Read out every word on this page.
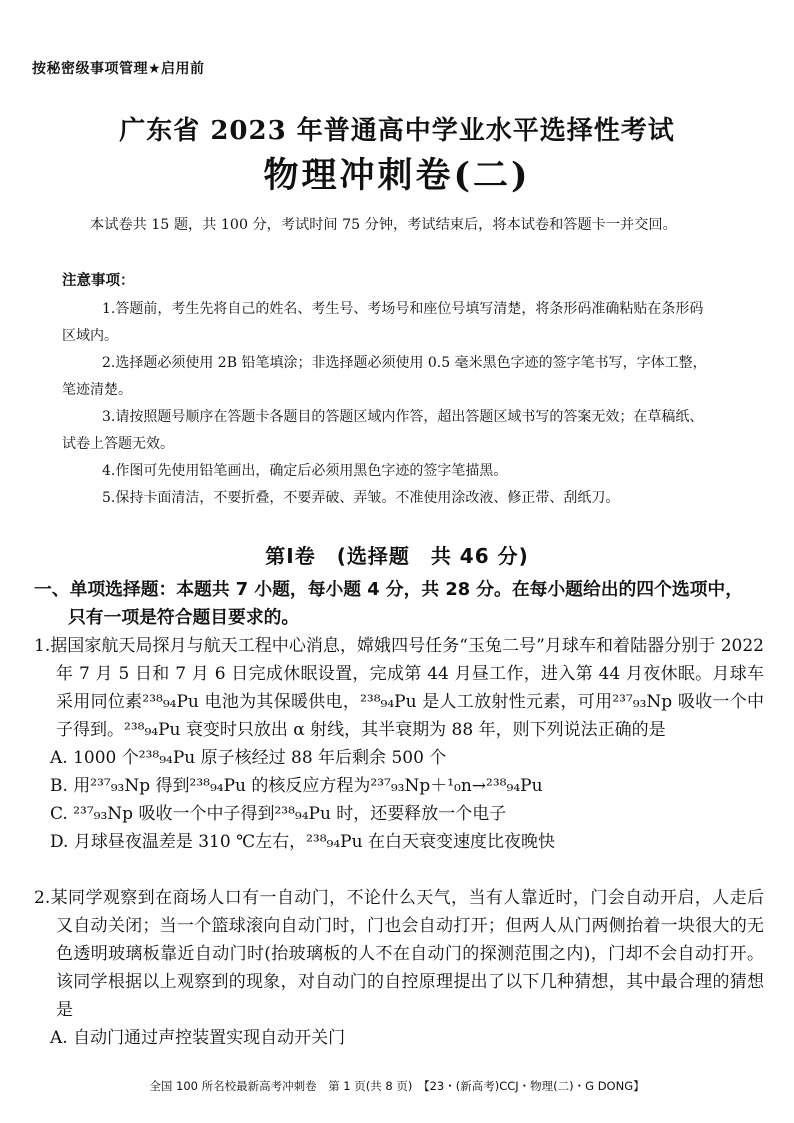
按秘密级事项管理★启用前
广东省 2023 年普通高中学业水平选择性考试
物理冲刺卷(二)
本试卷共 15 题，共 100 分，考试时间 75 分钟，考试结束后，将本试卷和答题卡一并交回。
注意事项：

1.答题前，考生先将自己的姓名、考生号、考场号和座位号填写清楚，将条形码准确粘贴在条形码区域内。

2.选择题必须使用 2B 铅笔填涂；非选择题必须使用 0.5 毫米黑色字迹的签字笔书写，字体工整，笔迹清楚。

3.请按照题号顺序在答题卡各题目的答题区域内作答，超出答题区域书写的答案无效；在草稿纸、试卷上答题无效。

4.作图可先使用铅笔画出，确定后必须用黑色字迹的签字笔描黑。

5.保持卡面清洁，不要折叠，不要弄破、弄皱。不准使用涂改液、修正带、刮纸刀。

第Ⅰ卷　(选择题　共 46 分)
一、单项选择题：本题共 7 小题，每小题 4 分，共 28 分。在每小题给出的四个选项中，
只有一项是符合题目要求的。
1.据国家航天局探月与航天工程中心消息，嫦娥四号任务“玉兔二号”月球车和着陆器分别于 2022 年 7 月 5 日和 7 月 6 日完成休眠设置，完成第 44 月昼工作，进入第 44 月夜休眠。月球车采用同位素²³⁸₉₄Pu 电池为其保暖供电，²³⁸₉₄Pu 是人工放射性元素，可用²³⁷₉₃Np 吸收一个中子得到。²³⁸₉₄Pu 衰变时只放出 α 射线，其半衰期为 88 年，则下列说法正确的是
A. 1000 个²³⁸₉₄Pu 原子核经过 88 年后剩余 500 个
B. 用²³⁷₉₃Np 得到²³⁸₉₄Pu 的核反应方程为²³⁷₉₃Np＋¹₀n→²³⁸₉₄Pu
C. ²³⁷₉₃Np 吸收一个中子得到²³⁸₉₄Pu 时，还要释放一个电子
D. 月球昼夜温差是 310 ℃左右，²³⁸₉₄Pu 在白天衰变速度比夜晚快
2.某同学观察到在商场人口有一自动门，不论什么天气，当有人靠近时，门会自动开启，人走后又自动关闭；当一个篮球滚向自动门时，门也会自动打开；但两人从门两侧抬着一块很大的无色透明玻璃板靠近自动门时(抬玻璃板的人不在自动门的探测范围之内)，门却不会自动打开。该同学根据以上观察到的现象，对自动门的自控原理提出了以下几种猜想，其中最合理的猜想是
A. 自动门通过声控装置实现自动开关门
全国 100 所名校最新高考冲刺卷　第 1 页(共 8 页)　【23・(新高考)CCJ・物理(二)・G DONG】
